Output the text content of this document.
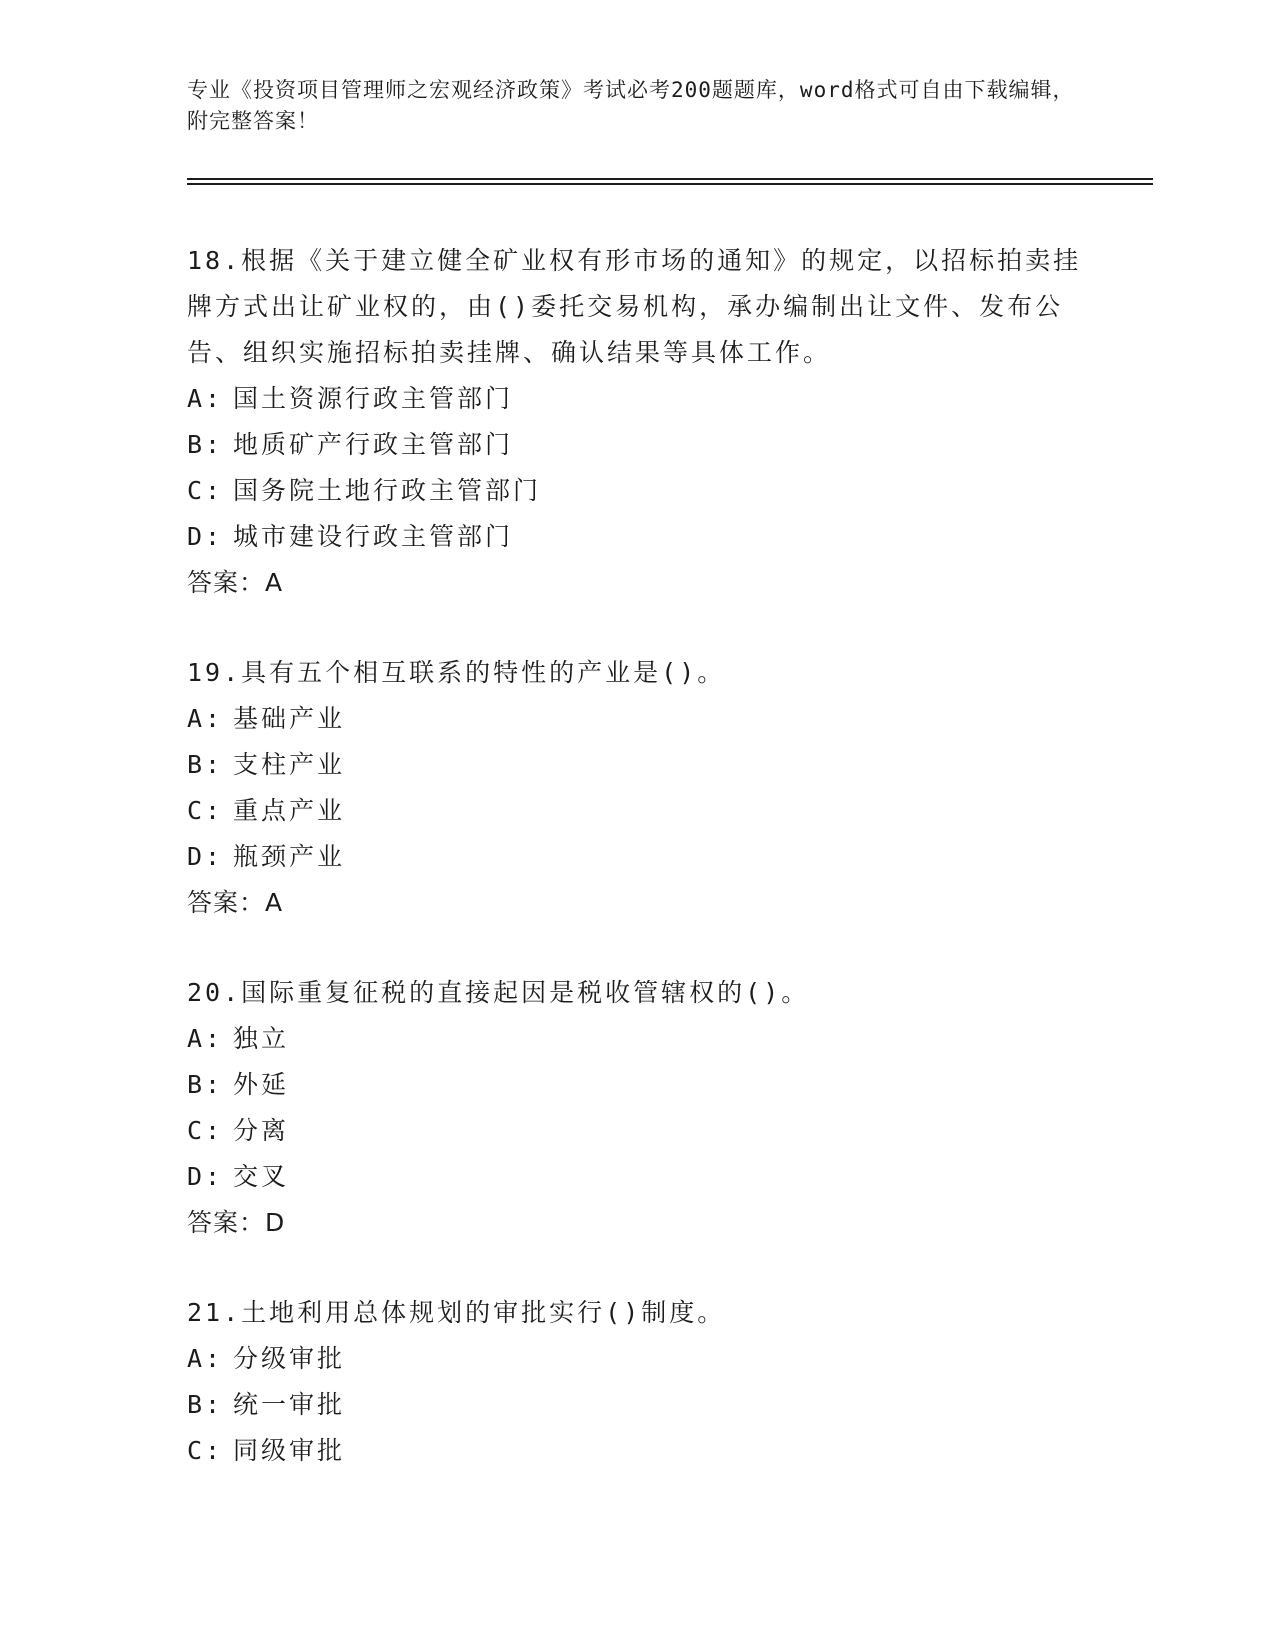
专业《投资项目管理师之宏观经济政策》考试必考200题题库，word格式可自由下载编辑，附完整答案！
18.根据《关于建立健全矿业权有形市场的通知》的规定，以招标拍卖挂牌方式出让矿业权的，由()委托交易机构，承办编制出让文件、发布公告、组织实施招标拍卖挂牌、确认结果等具体工作。
A: 国土资源行政主管部门
B: 地质矿产行政主管部门
C: 国务院土地行政主管部门
D: 城市建设行政主管部门
答案：A
19.具有五个相互联系的特性的产业是()。
A: 基础产业
B: 支柱产业
C: 重点产业
D: 瓶颈产业
答案：A
20.国际重复征税的直接起因是税收管辖权的()。
A: 独立
B: 外延
C: 分离
D: 交叉
答案：D
21.土地利用总体规划的审批实行()制度。
A: 分级审批
B: 统一审批
C: 同级审批
